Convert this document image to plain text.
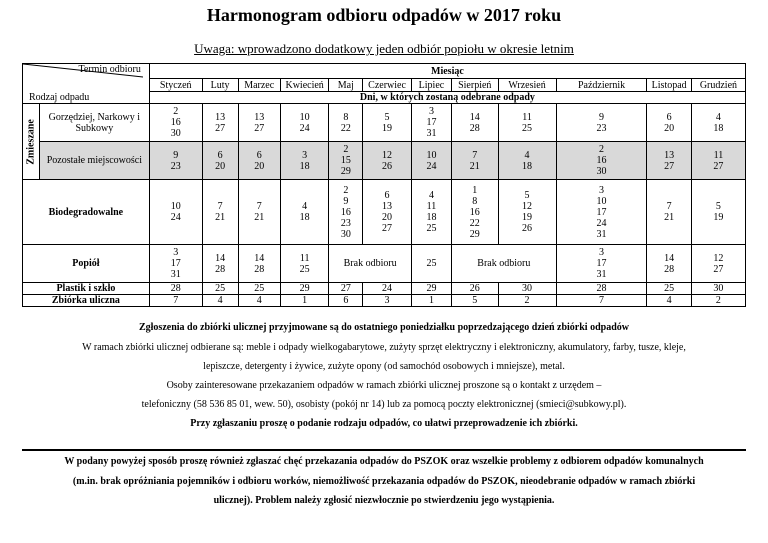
Harmonogram odbioru odpadów w 2017 roku
Uwaga: wprowadzono dodatkowy jeden odbiór popiołu w okresie letnim
Termin odbioru
Rodzaj odpadu		Miesiąc											
		Styczeń	Luty	Marzec	Kwiecień	Maj	Czerwiec	Lipiec	Sierpień	Wrzesień	Październik	Listopad	Grudzień
		Dni, w których zostaną odebrane odpady											

Zmieszane	Gorzędziej, Narkowy i Subkowy	2
16
30	13
27	13
27	10
24	8
22	5
19	3
17
31	14
28	11
25	9
23	6
20	4
18
	Pozostałe miejscowości	9
23	6
20	6
20	3
18	2
15
29	12
26	10
24	7
21	4
18	2
16
30	13
27	11
27
Biodegradowalne		10
24	7
21	7
21	4
18	2
9
16
23
30	6
13
20
27	4
11
18
25	1
8
16
22
29	5
12
19
26	3
10
17
24
31	7
21	5
19
Popiół		3
17
31	14
28	14
28	11
25	Brak odbioru		25	Brak odbioru		3
17
31	14
28	12
27
Plastik i szkło		28	25	25	29	27	24	29	26	30	28	25	30
Zbiórka uliczna		7	4	4	1	6	3	1	5	2	7	4	2
Zgłoszenia do zbiórki ulicznej przyjmowane są do ostatniego poniedziałku poprzedzającego dzień zbiórki odpadów
W ramach zbiórki ulicznej odbierane są: meble i odpady wielkogabarytowe, zużyty sprzęt elektryczny i elektroniczny, akumulatory, farby, tusze, kleje,
lepiszcze, detergenty i żywice, zużyte opony (od samochód osobowych i mniejsze), metal.
Osoby zainteresowane przekazaniem odpadów w ramach zbiórki ulicznej proszone są o kontakt z urzędem –
telefoniczny (58 536 85 01, wew. 50), osobisty (pokój nr 14) lub za pomocą poczty elektronicznej (smieci@subkowy.pl).
Przy zgłaszaniu proszę o podanie rodzaju odpadów, co ułatwi przeprowadzenie ich zbiórki.
W podany powyżej sposób proszę również zgłaszać chęć przekazania odpadów do PSZOK oraz wszelkie problemy z odbiorem odpadów komunalnych
(m.in. brak opróżniania pojemników i odbioru worków, niemożliwość przekazania odpadów do PSZOK, nieodebranie odpadów w ramach zbiórki
ulicznej). Problem należy zgłosić niezwłocznie po stwierdzeniu jego wystąpienia.
